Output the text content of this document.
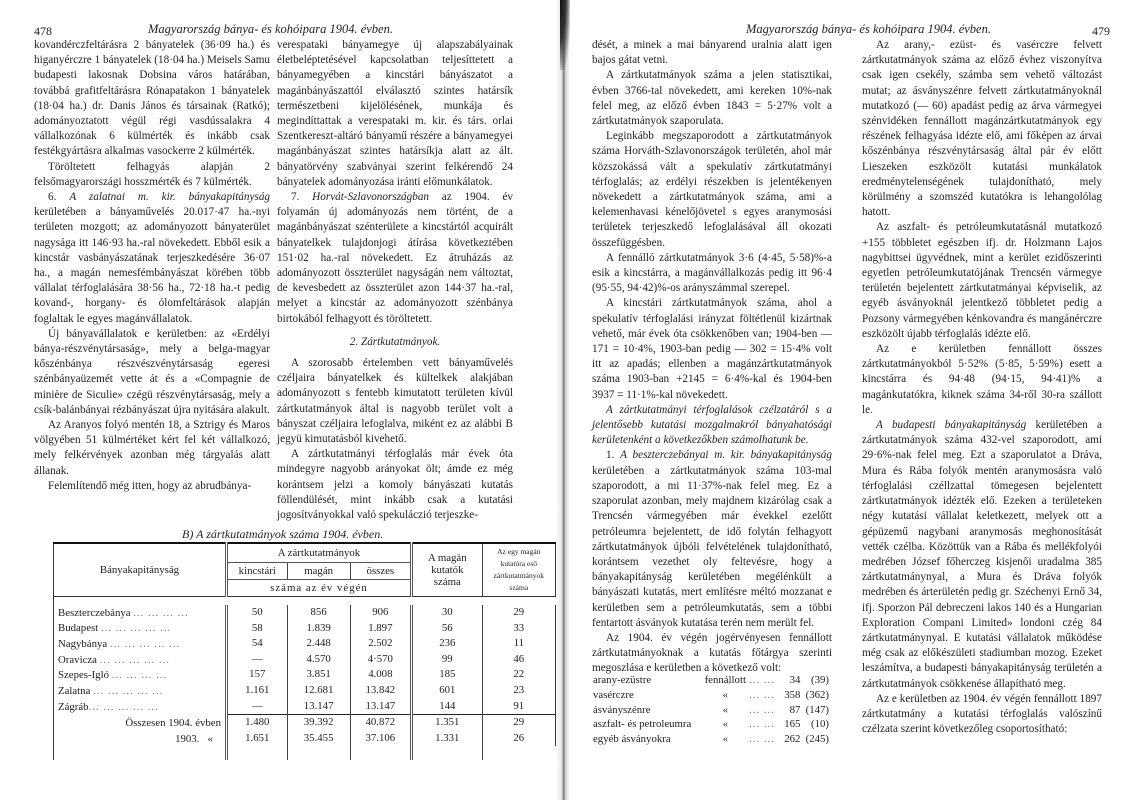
478	Magyarország bánya- és kohóipara 1904. évben.

kovandérczfeltárásra 2 bányatelek (36·09 ha.) és higanyérczre 1 bányatelek (18·04 ha.) Meisels Samu budapesti lakosnak Dobsina város határában, továbbá grafitfeltárásra Rónapatakon 1 bányatelek (18·04 ha.) dr. Danis János és társainak (Ratkó); adományoztatott végül régi vasdússalakra 4 vállalkozónak 6 külmérték és inkább csak festékgyártásra alkalmas vasockerre 2 külmérték.

Töröltetett felhagyás alapján 2 felsőmagyarországi hosszmérték és 7 külmérték.

6. A zalatnai m. kir. bányakapitányság kerületében a bányaművelés 20.017·47 ha.-nyi területen mozgott; az adományozott bányaterület nagysága itt 146·93 ha.-ral növekedett. Ebből esik a kincstár vasbányászatának terjeszkedésére 36·07 ha., a magán nemesfémbányászat körében több vállalat térfoglalására 38·56 ha., 72·18 ha.-t pedig kovand-, horgany- és ólomfeltárások alapján foglaltak le egyes magánvállalatok.

Új bányavállalatok e kerületben: az «Erdélyi bánya-részvénytársaság», mely a belga-magyar kőszénbánya részvészvénytársaság egeresi szénbányaüzemét vette át és a «Compagnie de minière de Siculie» czégü részvénytársaság, mely a csík-balánbányai rézbányászat újra nyitására alakult.

Az Aranyos folyó mentén 18, a Sztrigy és Maros völgyében 51 külmértéket kért fel két vállalkozó, mely felkérvények azonban még tárgyalás alatt állanak.

Felemlítendő még itten, hogy az abrudbánya-

verespataki bányamegye új alapszabályainak életbeléptetésével kapcsolatban teljesíttetett a bányamegyében a kincstári bányászatot a magánbányászattól elválasztó szintes határsík természetbeni kijelölésének, munkája és megindíttattak a verespataki m. kir. és társ. orlai Szentkereszt-altáró bányamű részére a bányamegyei magánbányászat szintes határsíkja alatt az ált. bányatörvény szabványai szerint felkérendő 24 bányatelek adományozása iránti előmunkálatok.

7. Horvát-Szlavonországban az 1904. év folyamán új adományozás nem történt, de a magánbányászat szénterülete a kincstártól acquirált bányatelkek tulajdonjogi átírása következtében 151·02 ha.-ral növekedett. Ez átruházás az adományozott összterület nagyságán nem változtat, de kevesbedett az összterület azon 144·37 ha.-ral, melyet a kincstár az adományozott szénbánya birtokából felhagyott és töröltetett.

2. Zártkutatmányok.

A szorosabb értelemben vett bányaművelés czéljaira bányatelkek és kültelkek alakjában adományozott s fentebb kimutatott területen kívül zártkutatmányok által is nagyobb terület volt a bányszat czéljaira lefoglalva, miként ez az alábbi B jegyü kimutatásból kivehető.

A zártkutatmányi térfoglalás már évek óta mindegyre nagyobb arányokat ölt; ámde ez még korántsem jelzi a komoly bányászati kutatás föllendülését, mint inkább csak a kutatási jogosítványokkal való spekuláczió terjeszke-

B) A zártkutatmányok száma 1904. évben.
Bányakapitányság	A zártkutatmányok			A magán kutatók száma	Az egy magán kutatóra eső zártkutatmányok száma
	kincstári	magán	összes		
	száma az év végén				

Beszterczebánya ... ... ... ...	50	856	906	30	29
Budapest ... ... ... ... ...	58	1.839	1.897	56	33
Nagybánya ... ... ... ... ...	54	2.448	2.502	236	11
Oravicza ... ... ... ... ...	—	4.570	4·570	99	46
Szepes-Igló ... ... ... ...	157	3.851	4.008	185	22
Zalatna ... ... ... ... ...	1.161	12.681	13.842	601	23
Zágráb... ... ... ... ...	—	13.147	13.147	144	91
Összesen 1904. évben	1.480	39.392	40.872	1.351	29
1903. «	1.651	35.455	37.106	1.331	26

Magyarország bánya- és kohóipara 1904. évben.	479

dését, a minek a mai bányarend uralnia alatt igen bajos gátat vetni.

A zártkutatmányok száma a jelen statisztikai, évben 3766-tal növekedett, ami kereken 10%-nak felel meg, az előző évben 1843 = 5·27% volt a zártkutatmányok szaporulata.

Leginkább megszaporodott a zártkutatmányok száma Horváth-Szlavonországok területén, ahol már közszokássá vált a spekulatív zártkutatmányi térfoglalás; az erdélyi részekben is jelentékenyen növekedett a zártkutatmányok száma, ami a kelemenhavasi kénelőjövetel s egyes aranymosási területek terjeszkedő lefoglalásával áll okozati összefüggésben.

A fennálló zártkutatmányok 3·6 (4·45, 5·58)%-a esik a kincstárra, a magánvállalkozás pedig itt 96·4 (95·55, 94·42)%-os arányszámmal szerepel.

A kincstári zártkutatmányok száma, ahol a spekulatív térfoglalási irányzat föltétlenül kizártnak vehető, már évek óta csökkenőben van; 1904-ben — 171 = 10·4%, 1903-ban pedig — 302 = 15·4% volt itt az apadás; ellenben a magánzártkutatmányok száma 1903-ban +2145 = 6·4%-kal és 1904-ben 3937 = 11·1%-kal növekedett.

A zártkutatmányi térfoglalások czélzatáról s a jelentősebb kutatási mozgalmakról bányahatósági kerületenként a következőkben számolhatunk be.

1. A beszterczebányai m. kir. bányakapitányság kerületében a zártkutatmányok száma 103-mal szaporodott, a mi 11·37%-nak felel meg. Ez a szaporulat azonban, mely majdnem kizárólag csak a Trencsén vármegyében már évekkel ezelőtt petróleumra bejelentett, de idő folytán felhagyott zártkutatmányok újbóli felvételének tulajdonítható, korántsem vezethet oly feltevésre, hogy a bányakapitányság kerületében megélénkült a bányászati kutatás, mert említésre méltó mozzanat e kerületben sem a petróleumkutatás, sem a többi fentartott ásványok kutatása terén nem merült fel.

Az 1904. év végén jogérvényesen fennállott zártkutatmányoknak a kutatás főtárgya szerinti megoszlása e kerületben a következő volt:

arany-ezüstre	fennállott ... ...	34 (39)
vasérczre	«	... ... 358 (362)
ásványszénre	«	... ...	87 (147)
aszfalt- és petroleumra	«	... ... 165 (10)
egyéb ásványokra	«	... ... 262 (245)

Az arany,- ezüst- és vasérczre felvett zártkutatmányok száma az előző évhez viszonyítva csak igen csekély, számba sem vehető változást mutat; az ásványszénre felvett zártkutatmányoknál mutatkozó (— 60) apadást pedig az árva vármegyei szénvidéken fennállott magánzártkutatmányok egy részének felhagyása idézte elő, ami főképen az árvai kőszénbánya részvénytársaság által pár év előtt Lieszeken eszközölt kutatási munkálatok eredménytelenségének tulajdonítható, mely körülmény a szomszéd kutatókra is lehangolólag hatott.

Az aszfalt- és petróleumkutatásnál mutatkozó +155 többletet egészben ifj. dr. Holzmann Lajos nagybittsei ügyvédnek, mint a kerület ezidőszerinti egyetlen petróleumkutatójának Trencsén vármegye területén bejelentett zártkutatmányai képviselik, az egyéb ásványoknál jelentkező többletet pedig a Pozsony vármegyében kénkovandra és mangánérczre eszközölt újabb térfoglalás idézte elő.

Az e kerületben fennállott összes zártkutatmányokból 5·52% (5·85, 5·59%) esett a kincstárra és 94·48 (94·15, 94·41)% a magánkutatókra, kiknek száma 34-ről 30-ra szállott le.

A budapesti bányakapitányság kerületében a zártkutatmányok száma 432-vel szaporodott, ami 29·6%-nak felel meg. Ezt a szaporulatot a Dráva, Mura és Rába folyók mentén aranymosásra való térfoglalási czéllzattal tömegesen bejelentett zártkutatmányok idézték elő. Ezeken a területeken négy kutatási vállalat keletkezett, melyek ott a gépüzemű nagybani aranymosás meghonosítását vették czélba. Közöttük van a Rába és mellékfolyói medrében József főherczeg kisjenői uradalma 385 zártkutatmánynyal, a Mura és Dráva folyók medrében és árterületén pedig gr. Széchenyi Ernő 34, ifj. Sporzon Pál debreczeni lakos 140 és a Hungarian Exploration Compani Limited» londoni czég 84 zártkutatmánynyal. E kutatási vállalatok működése még csak az előkészületi stadiumban mozog. Ezeket leszámítva, a budapesti bányakapitányság területén a zártkutatmányok csökkenése állapítható meg.

Az e kerületben az 1904. év végén fennállott 1897 zártkutatmány a kutatási térfoglalás valószínű czélzata szerint következőleg csoportosítható:
